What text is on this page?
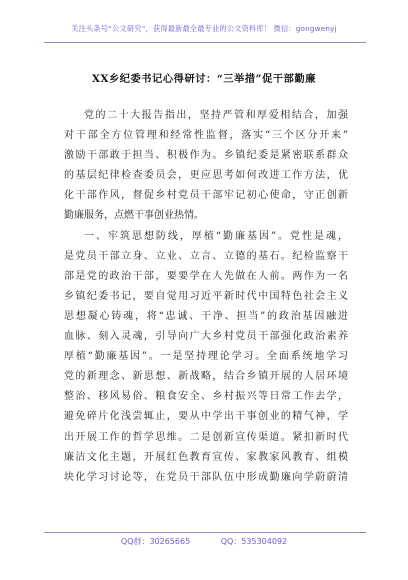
关注头条号“公文研究”，获得最新最全最专业的公文资料库！ 微信：gongwenyj
XX乡纪委书记心得研讨：“三举措”促干部勤廉
党的二十大报告指出，坚持严管和厚爱相结合，加强
对干部全方位管理和经常性监督，落实“三个区分开来”
激励干部敢于担当、积极作为。乡镇纪委是紧密联系群众
的基层纪律检查委员会，更应思考如何改进工作方法，优
化干部作风，督促乡村党员干部牢记初心使命，守正创新
勤廉服务，点燃干事创业热情。
一、牢筑思想防线，厚植“勤廉基因”。党性是魂，
是党员干部立身、立业、立言、立德的基石。纪检监察干
部是党的政治干部，要要学在人先做在人前。两作为一名
乡镇纪委书记，要自觉用习近平新时代中国特色社会主义
思想凝心铸魂，将“忠诚、干净、担当”的政治基因融进
血脉、刻入灵魂，引导向广大乡村党员干部强化政治素养
厚植“勤廉基因”。一是坚持理论学习。全面系统地学习
党的新理念、新思想、新战略，结合乡镇开展的人居环境
整治、移风易俗、粮食安全、乡村振兴等日常工作去学，
避免碎片化浅尝辄止，要从中学出干事创业的精气神，学
出开展工作的哲学思维。二是创新宣传渠道。紧扣新时代
廉洁文化主题，开展红色教育宣传、家教家风教育、组模
块化学习讨论等，在党员干部队伍中形成勤廉向学蔚蔚清
QQ群：30265665	QQ：535304092
